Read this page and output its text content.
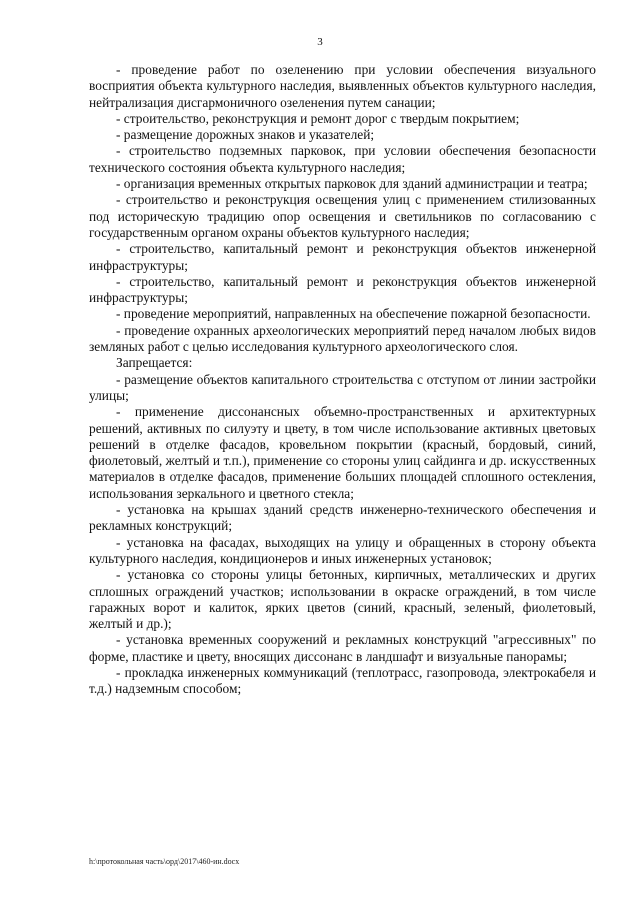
3

- проведение работ по озеленению при условии обеспечения визуального восприятия объекта культурного наследия, выявленных объектов культурного наследия, нейтрализация дисгармоничного озеленения путем санации;

- строительство, реконструкция и ремонт дорог с твердым покрытием;

- размещение дорожных знаков и указателей;

- строительство подземных парковок, при условии обеспечения безопасности технического состояния объекта культурного наследия;

- организация временных открытых парковок для зданий администрации и театра;

- строительство и реконструкция освещения улиц с применением стилизованных под историческую традицию опор освещения и светильников по согласованию с государственным органом охраны объектов культурного наследия;

- строительство, капитальный ремонт и реконструкция объектов инженерной инфраструктуры;

- строительство, капитальный ремонт и реконструкция объектов инженерной инфраструктуры;

- проведение мероприятий, направленных на обеспечение пожарной безопасности.

- проведение охранных археологических мероприятий перед началом любых видов земляных работ с целью исследования культурного археологического слоя.

Запрещается:

- размещение объектов капитального строительства с отступом от линии застройки улицы;

- применение диссонансных объемно-пространственных и архитектурных решений, активных по силуэту и цвету, в том числе использование активных цветовых решений в отделке фасадов, кровельном покрытии (красный, бордовый, синий, фиолетовый, желтый и т.п.), применение со стороны улиц сайдинга и др. искусственных материалов в отделке фасадов, применение больших площадей сплошного остекления, использования зеркального и цветного стекла;

- установка на крышах зданий средств инженерно-технического обеспечения и рекламных конструкций;

- установка на фасадах, выходящих на улицу и обращенных в сторону объекта культурного наследия, кондиционеров и иных инженерных установок;

- установка со стороны улицы бетонных, кирпичных, металлических и других сплошных ограждений участков; использовании в окраске ограждений, в том числе гаражных ворот и калиток, ярких цветов (синий, красный, зеленый, фиолетовый, желтый и др.);

- установка временных сооружений и рекламных конструкций "агрессивных" по форме, пластике и цвету, вносящих диссонанс в ландшафт и визуальные панорамы;

- прокладка инженерных коммуникаций (теплотрасс, газопровода, электрокабеля и т.д.) надземным способом;

h:\протокольная часть\орд\2017\460-ин.docx
